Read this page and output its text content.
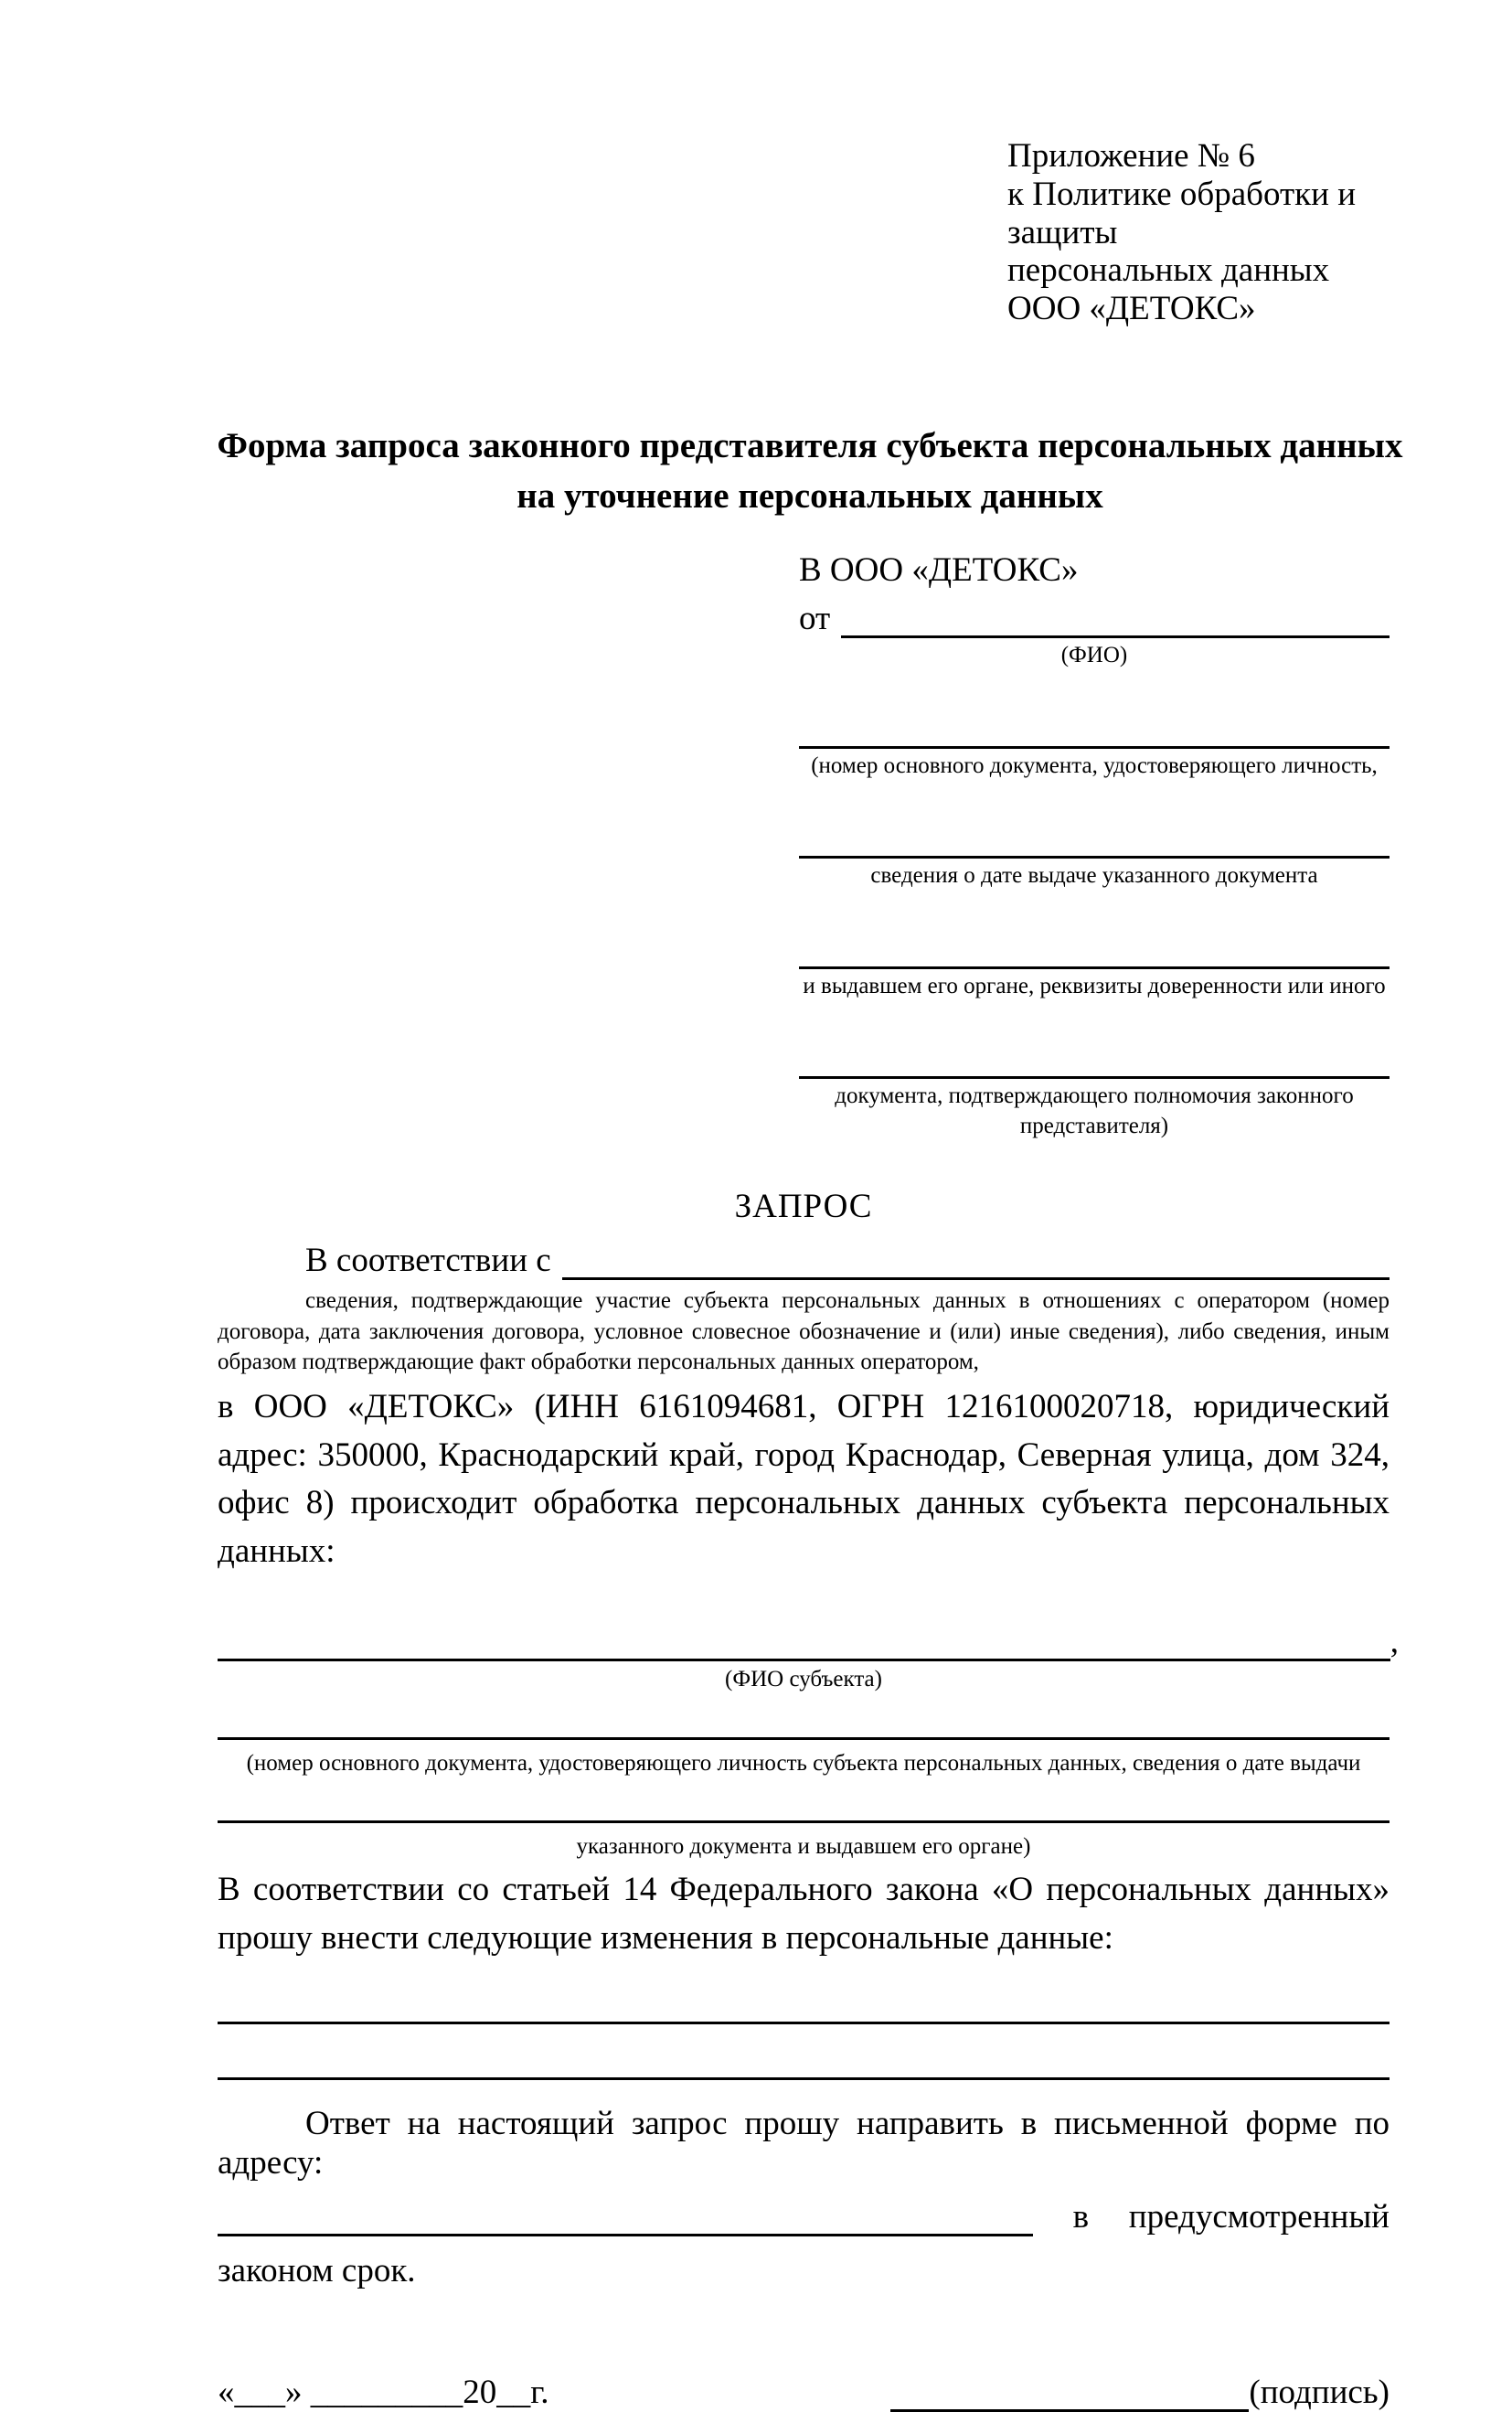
Приложение № 6
к Политике обработки и защиты
персональных данных
ООО «ДЕТОКС»
Форма запроса законного представителя субъекта персональных данных
на уточнение персональных данных
В ООО «ДЕТОКС»
от
(ФИО)
(номер основного документа, удостоверяющего личность,
сведения о дате выдаче указанного документа
и выдавшем его органе, реквизиты доверенности или иного
документа, подтверждающего полномочия законного представителя)
ЗАПРОС
В соответствии с
сведения, подтверждающие участие субъекта персональных данных в отношениях с оператором (номер договора, дата заключения договора, условное словесное обозначение и (или) иные сведения), либо сведения, иным образом подтверждающие факт обработки персональных данных оператором,
в ООО «ДЕТОКС» (ИНН 6161094681, ОГРН 1216100020718, юридический адрес: 350000, Краснодарский край, город Краснодар, Северная улица, дом 324, офис 8) происходит обработка персональных данных субъекта персональных данных:
,
(ФИО субъекта)
(номер основного документа, удостоверяющего личность субъекта персональных данных, сведения о дате выдачи
указанного документа и выдавшем его органе)
В соответствии со статьей 14 Федерального закона «О персональных данных» прошу внести следующие изменения в персональные данные:
Ответ на настоящий запрос прошу направить в письменной форме по адресу:
в предусмотренный
законом срок.
«___» _________20__г.	(подпись)
